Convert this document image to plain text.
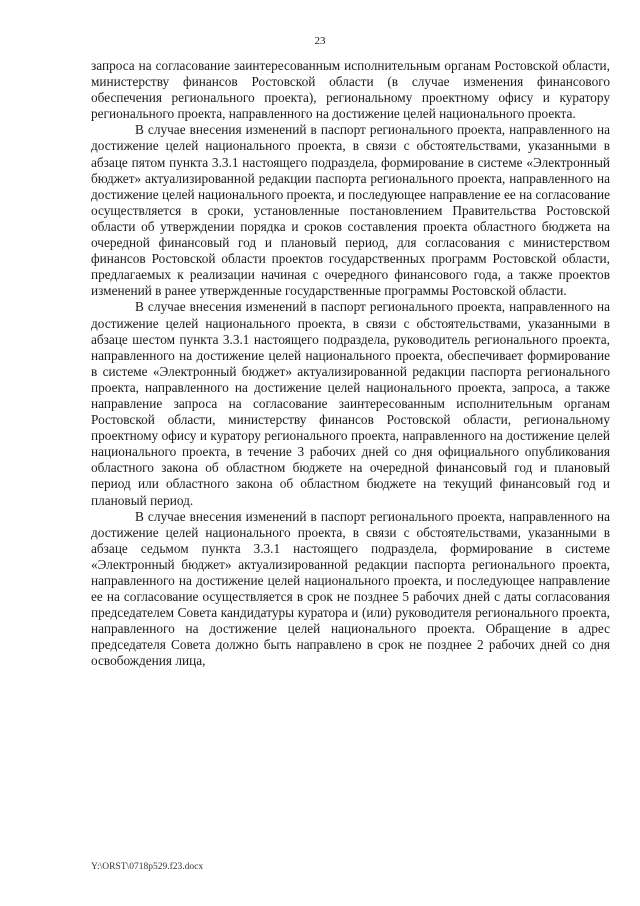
23

запроса на согласование заинтересованным исполнительным органам Ростовской области, министерству финансов Ростовской области (в случае изменения финансового обеспечения регионального проекта), региональному проектному офису и куратору регионального проекта, направленного на достижение целей национального проекта.

В случае внесения изменений в паспорт регионального проекта, направленного на достижение целей национального проекта, в связи с обстоятельствами, указанными в абзаце пятом пункта 3.3.1 настоящего подраздела, формирование в системе «Электронный бюджет» актуализированной редакции паспорта регионального проекта, направленного на достижение целей национального проекта, и последующее направление ее на согласование осуществляется в сроки, установленные постановлением Правительства Ростовской области об утверждении порядка и сроков составления проекта областного бюджета на очередной финансовый год и плановый период, для согласования с министерством финансов Ростовской области проектов государственных программ Ростовской области, предлагаемых к реализации начиная с очередного финансового года, а также проектов изменений в ранее утвержденные государственные программы Ростовской области.

В случае внесения изменений в паспорт регионального проекта, направленного на достижение целей национального проекта, в связи с обстоятельствами, указанными в абзаце шестом пункта 3.3.1 настоящего подраздела, руководитель регионального проекта, направленного на достижение целей национального проекта, обеспечивает формирование в системе «Электронный бюджет» актуализированной редакции паспорта регионального проекта, направленного на достижение целей национального проекта, запроса, а также направление запроса на согласование заинтересованным исполнительным органам Ростовской области, министерству финансов Ростовской области, региональному проектному офису и куратору регионального проекта, направленного на достижение целей национального проекта, в течение 3 рабочих дней со дня официального опубликования областного закона об областном бюджете на очередной финансовый год и плановый период или областного закона об областном бюджете на текущий финансовый год и плановый период.

В случае внесения изменений в паспорт регионального проекта, направленного на достижение целей национального проекта, в связи с обстоятельствами, указанными в абзаце седьмом пункта 3.3.1 настоящего подраздела, формирование в системе «Электронный бюджет» актуализированной редакции паспорта регионального проекта, направленного на достижение целей национального проекта, и последующее направление ее на согласование осуществляется в срок не позднее 5 рабочих дней с даты согласования председателем Совета кандидатуры куратора и (или) руководителя регионального проекта, направленного на достижение целей национального проекта. Обращение в адрес председателя Совета должно быть направлено в срок не позднее 2 рабочих дней со дня освобождения лица,

Y:\ORST\0718p529.f23.docx
